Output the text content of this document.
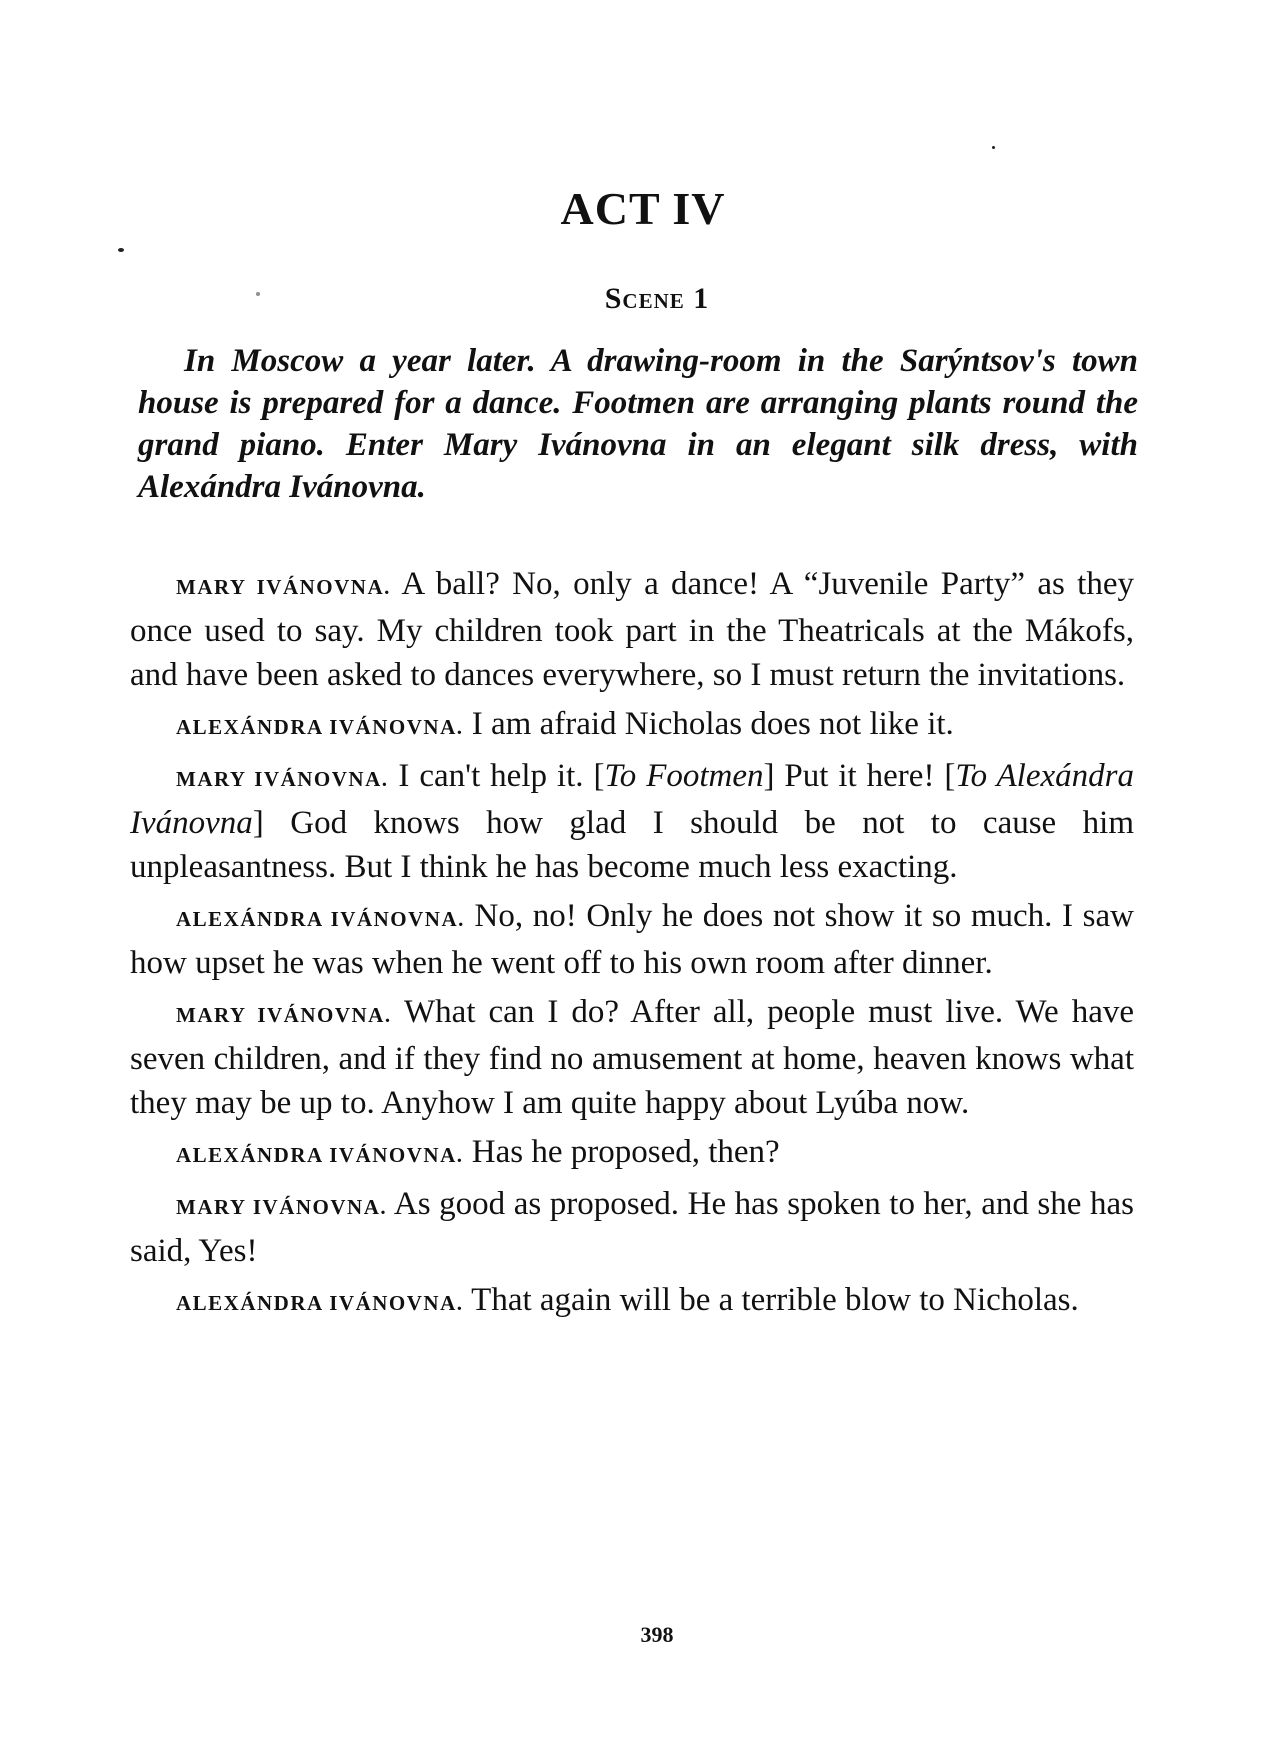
ACT IV
Scene 1
In Moscow a year later. A drawing-room in the Sarýntsov's town house is prepared for a dance. Footmen are arranging plants round the grand piano. Enter Mary Ivánovna in an elegant silk dress, with Alexándra Ivánovna.

MARY IVÁNOVNA. A ball? No, only a dance! A “Juvenile Party” as they once used to say. My children took part in the Theatricals at the Mákofs, and have been asked to dances everywhere, so I must return the invitations.

ALEXÁNDRA IVÁNOVNA. I am afraid Nicholas does not like it.

MARY IVÁNOVNA. I can't help it. [To Footmen] Put it here! [To Alexándra Ivánovna] God knows how glad I should be not to cause him unpleasantness. But I think he has become much less exacting.

ALEXÁNDRA IVÁNOVNA. No, no! Only he does not show it so much. I saw how upset he was when he went off to his own room after dinner.

MARY IVÁNOVNA. What can I do? After all, people must live. We have seven children, and if they find no amusement at home, heaven knows what they may be up to. Anyhow I am quite happy about Lyúba now.

ALEXÁNDRA IVÁNOVNA. Has he proposed, then?

MARY IVÁNOVNA. As good as proposed. He has spoken to her, and she has said, Yes!

ALEXÁNDRA IVÁNOVNA. That again will be a terrible blow to Nicholas.

398
